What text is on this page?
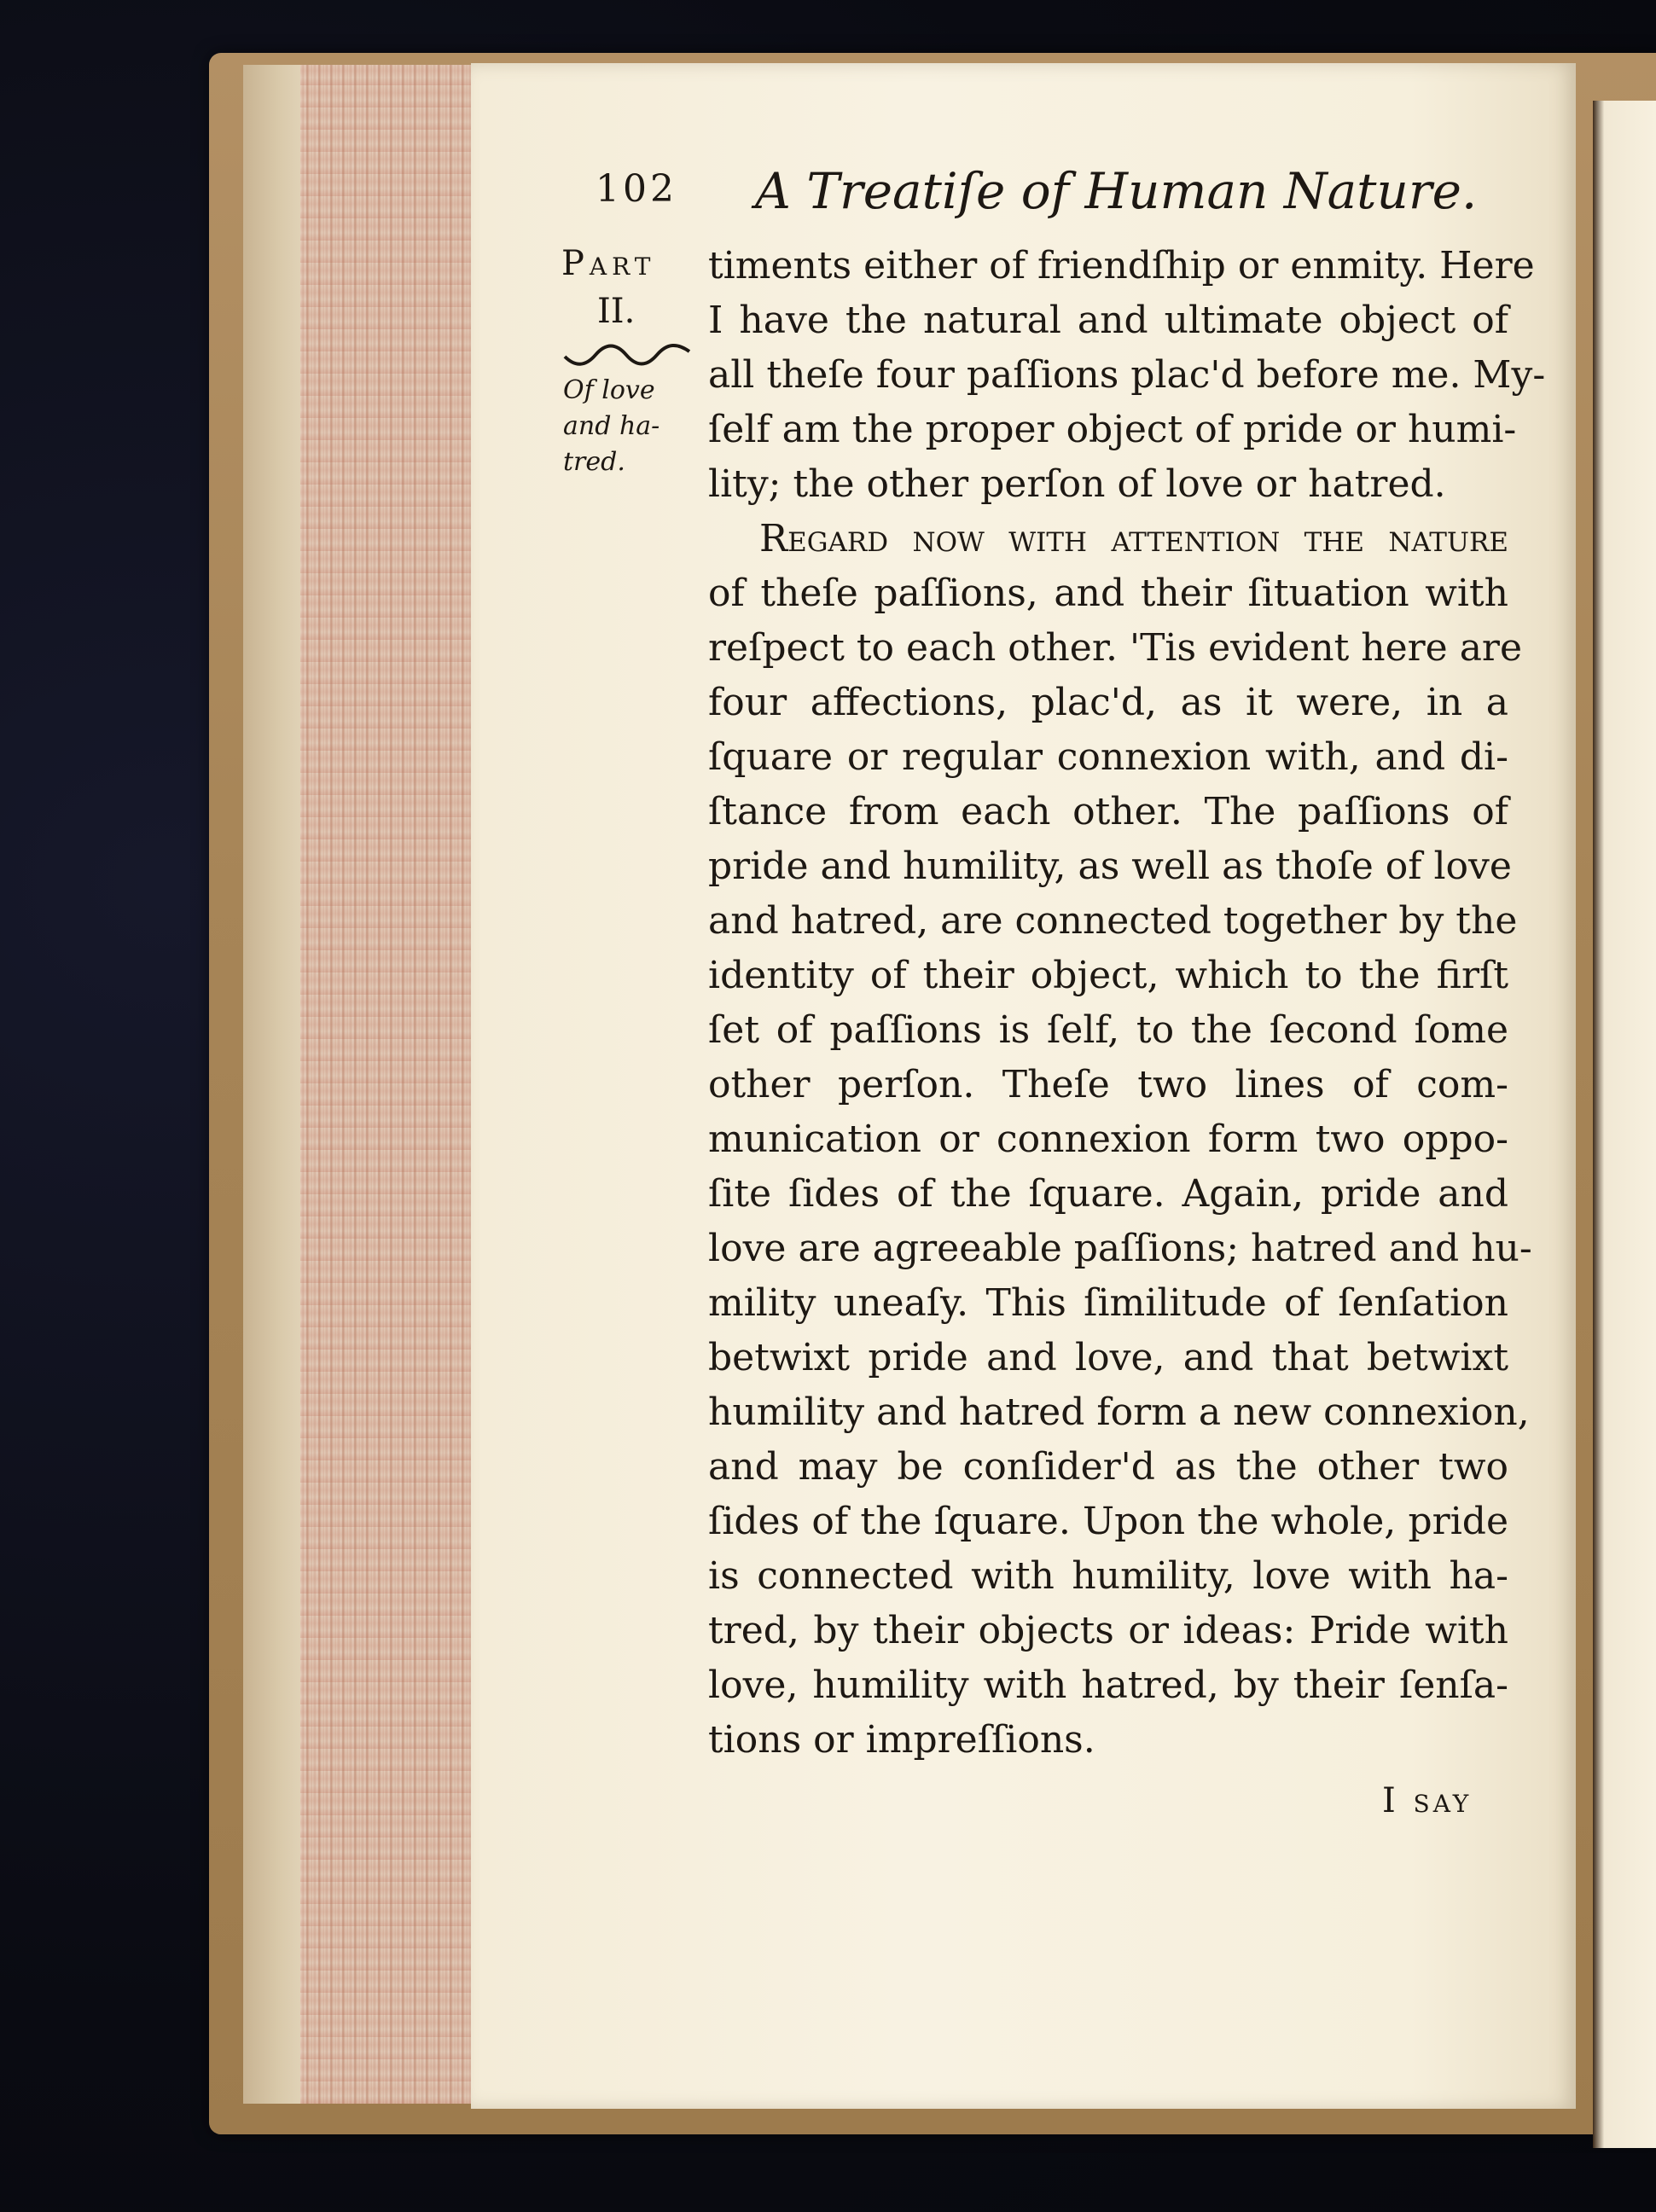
102 A Treatiſe of Human Nature.
Part
II.
Of love
and ha-
tred.
timents either of friendſhip or enmity. Here
I have the natural and ultimate object of
all theſe four paſſions plac'd before me. My-
ſelf am the proper object of pride or humi-
lity; the other perſon of love or hatred.
Regard now with attention the nature
of theſe paſſions, and their ſituation with
reſpect to each other. 'Tis evident here are
four affections, plac'd, as it were, in a
ſquare or regular connexion with, and di-
ſtance from each other. The paſſions of
pride and humility, as well as thoſe of love
and hatred, are connected together by the
identity of their object, which to the firſt
ſet of paſſions is ſelf, to the ſecond ſome
other perſon. Theſe two lines of com-
munication or connexion form two oppo-
ſite ſides of the ſquare. Again, pride and
love are agreeable paſſions; hatred and hu-
mility uneaſy. This ſimilitude of ſenſation
betwixt pride and love, and that betwixt
humility and hatred form a new connexion,
and may be conſider'd as the other two
ſides of the ſquare. Upon the whole, pride
is connected with humility, love with ha-
tred, by their objects or ideas: Pride with
love, humility with hatred, by their ſenſa-
tions or impreſſions.
I say
